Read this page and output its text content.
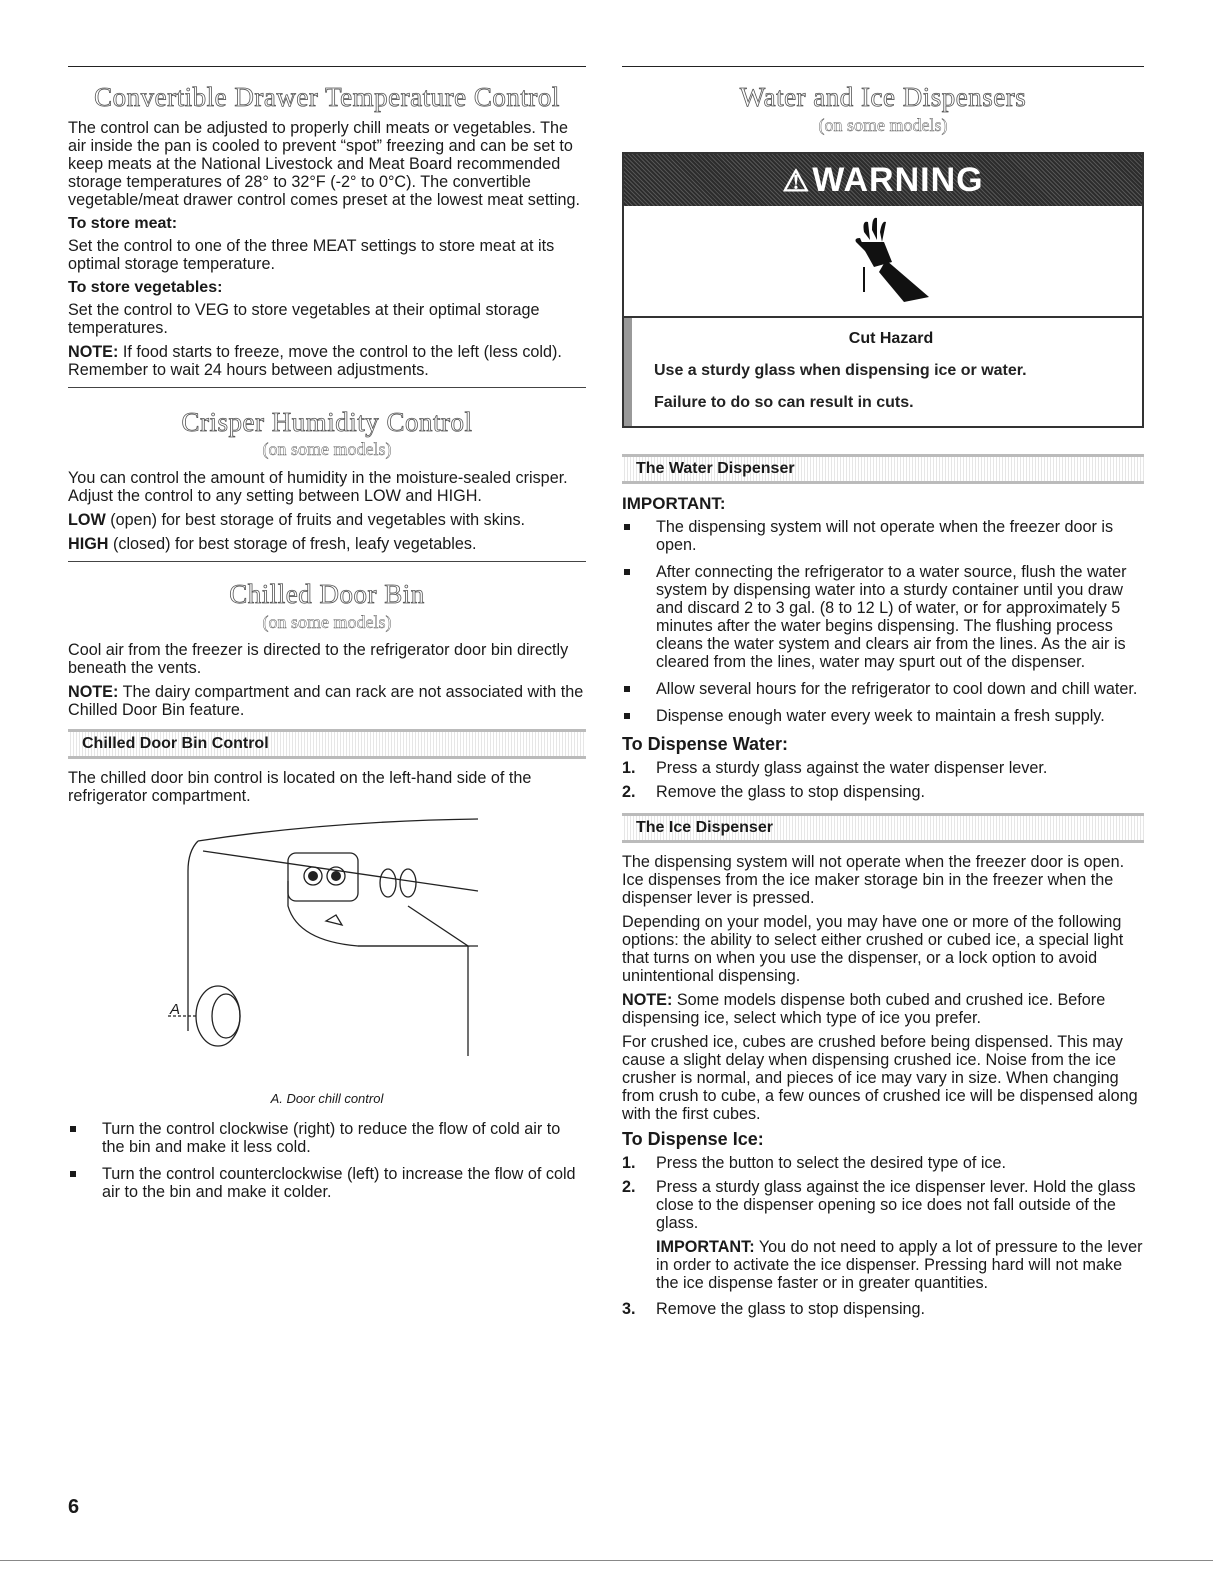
Convertible Drawer Temperature Control

The control can be adjusted to properly chill meats or vegetables. The air inside the pan is cooled to prevent “spot” freezing and can be set to keep meats at the National Livestock and Meat Board recommended storage temperatures of 28° to 32°F (-2° to 0°C). The convertible vegetable/meat drawer control comes preset at the lowest meat setting.

To store meat:

Set the control to one of the three MEAT settings to store meat at its optimal storage temperature.

To store vegetables:

Set the control to VEG to store vegetables at their optimal storage temperatures.

NOTE: If food starts to freeze, move the control to the left (less cold). Remember to wait 24 hours between adjustments.

Crisper Humidity Control
(on some models)

You can control the amount of humidity in the moisture-sealed crisper. Adjust the control to any setting between LOW and HIGH.

LOW (open) for best storage of fruits and vegetables with skins.

HIGH (closed) for best storage of fresh, leafy vegetables.

Chilled Door Bin
(on some models)

Cool air from the freezer is directed to the refrigerator door bin directly beneath the vents.

NOTE: The dairy compartment and can rack are not associated with the Chilled Door Bin feature.

Chilled Door Bin Control

The chilled door bin control is located on the left-hand side of the refrigerator compartment.

A
A. Door chill control
Turn the control clockwise (right) to reduce the flow of cold air to the bin and make it less cold.
Turn the control counterclockwise (left) to increase the flow of cold air to the bin and make it colder.
Water and Ice Dispensers
(on some models)
⚠WARNING
Cut Hazard
Use a sturdy glass when dispensing ice or water.
Failure to do so can result in cuts.
The Water Dispenser
IMPORTANT:
The dispensing system will not operate when the freezer door is open.
After connecting the refrigerator to a water source, flush the water system by dispensing water into a sturdy container until you draw and discard 2 to 3 gal. (8 to 12 L) of water, or for approximately 5 minutes after the water begins dispensing. The flushing process cleans the water system and clears air from the lines. As the air is cleared from the lines, water may spurt out of the dispenser.
Allow several hours for the refrigerator to cool down and chill water.
Dispense enough water every week to maintain a fresh supply.
To Dispense Water:
1. Press a sturdy glass against the water dispenser lever.
2. Remove the glass to stop dispensing.
The Ice Dispenser

The dispensing system will not operate when the freezer door is open. Ice dispenses from the ice maker storage bin in the freezer when the dispenser lever is pressed.

Depending on your model, you may have one or more of the following options: the ability to select either crushed or cubed ice, a special light that turns on when you use the dispenser, or a lock option to avoid unintentional dispensing.

NOTE: Some models dispense both cubed and crushed ice. Before dispensing ice, select which type of ice you prefer.

For crushed ice, cubes are crushed before being dispensed. This may cause a slight delay when dispensing crushed ice. Noise from the ice crusher is normal, and pieces of ice may vary in size. When changing from crush to cube, a few ounces of crushed ice will be dispensed along with the first cubes.

To Dispense Ice:
1. Press the button to select the desired type of ice.
2. Press a sturdy glass against the ice dispenser lever. Hold the glass close to the dispenser opening so ice does not fall outside of the glass.
IMPORTANT: You do not need to apply a lot of pressure to the lever in order to activate the ice dispenser. Pressing hard will not make the ice dispense faster or in greater quantities.
3. Remove the glass to stop dispensing.
6
